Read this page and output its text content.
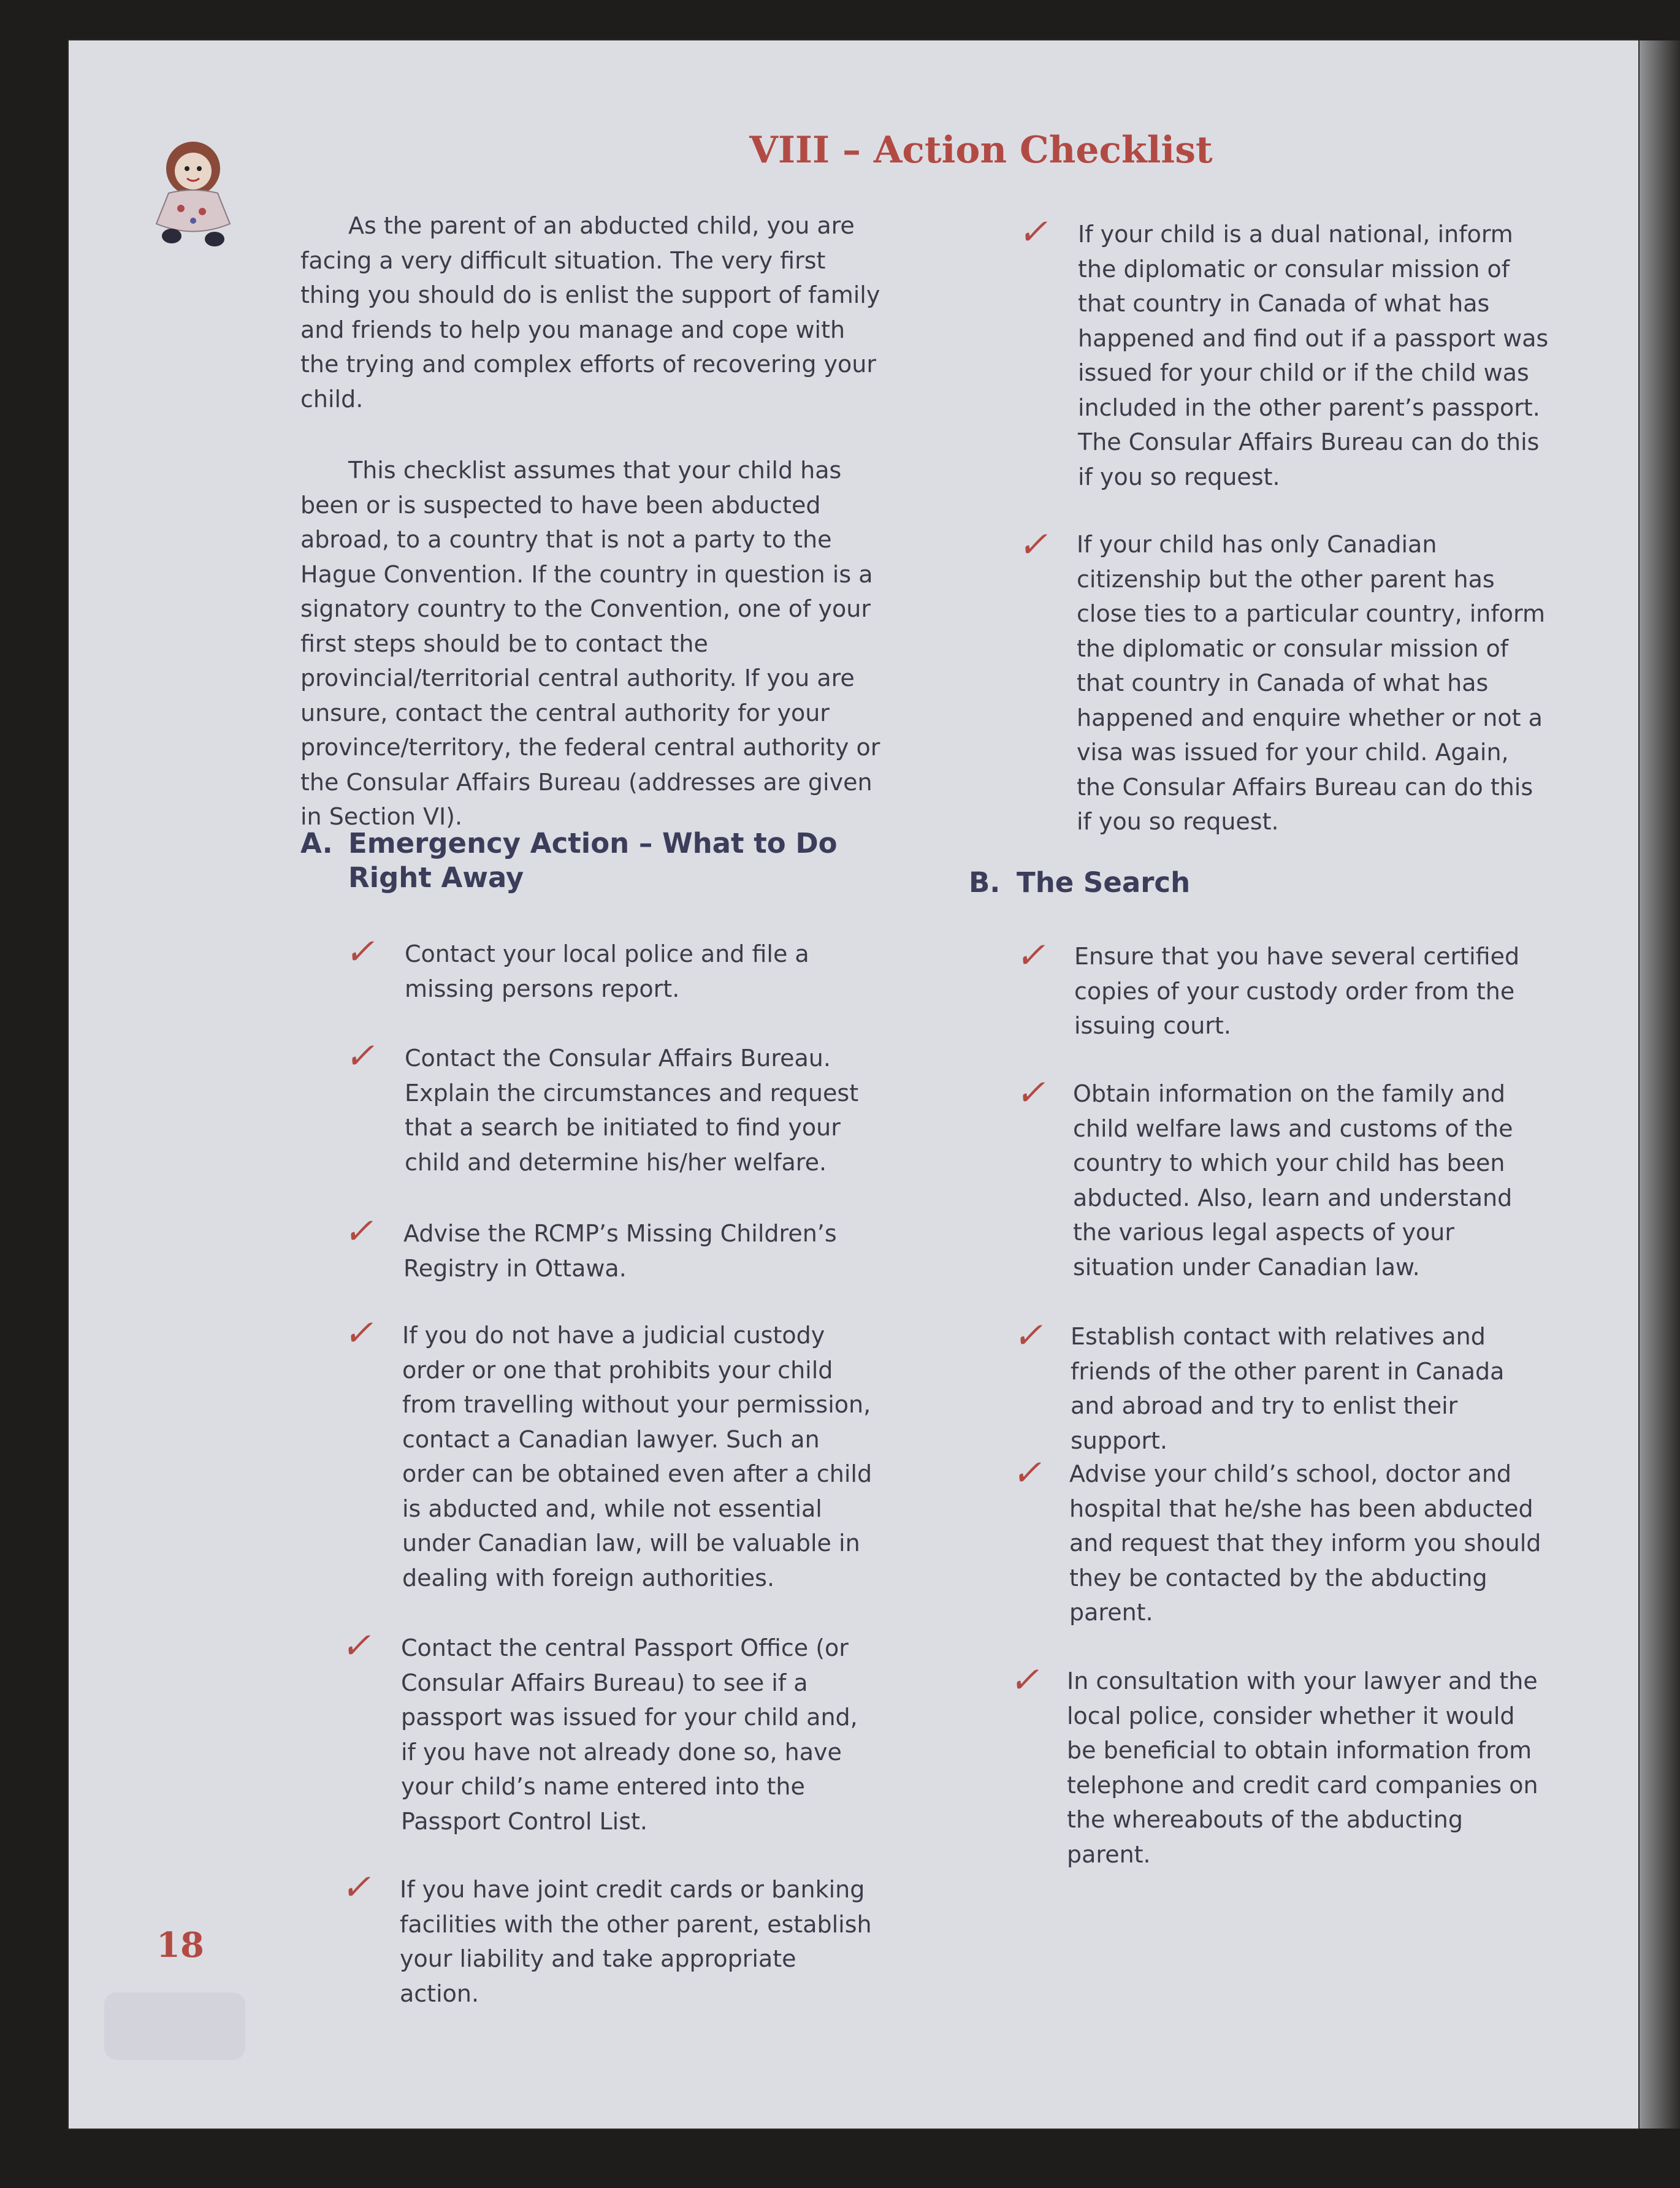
VIII – Action Checklist

As the parent of an abducted child, you are facing a very difficult situation. The very first thing you should do is enlist the support of family and friends to help you manage and cope with the trying and complex efforts of recovering your child.

This checklist assumes that your child has been or is suspected to have been abducted abroad, to a country that is not a party to the Hague Convention. If the country in question is a signatory country to the Convention, one of your first steps should be to contact the provincial/territorial central authority. If you are unsure, contact the central authority for your province/territory, the federal central authority or the Consular Affairs Bureau (addresses are given in Section VI).

A. Emergency Action – What to Do
Right Away
✓ Contact your local police and file a missing persons report.
✓ Contact the Consular Affairs Bureau. Explain the circumstances and request that a search be initiated to find your child and determine his/her welfare.
✓ Advise the RCMP’s Missing Children’s Registry in Ottawa.
✓ If you do not have a judicial custody order or one that prohibits your child from travelling without your permission, contact a Canadian lawyer. Such an order can be obtained even after a child is abducted and, while not essential under Canadian law, will be valuable in dealing with foreign authorities.
✓ Contact the central Passport Office (or Consular Affairs Bureau) to see if a passport was issued for your child and, if you have not already done so, have your child’s name entered into the Passport Control List.
✓ If you have joint credit cards or banking facilities with the other parent, establish your liability and take appropriate action.
✓ If your child is a dual national, inform the diplomatic or consular mission of that country in Canada of what has happened and find out if a passport was issued for your child or if the child was included in the other parent’s passport. The Consular Affairs Bureau can do this if you so request.
✓ If your child has only Canadian citizenship but the other parent has close ties to a particular country, inform the diplomatic or consular mission of that country in Canada of what has happened and enquire whether or not a visa was issued for your child. Again, the Consular Affairs Bureau can do this if you so request.
B. The Search
✓ Ensure that you have several certified copies of your custody order from the issuing court.
✓ Obtain information on the family and child welfare laws and customs of the country to which your child has been abducted. Also, learn and understand the various legal aspects of your situation under Canadian law.
✓ Establish contact with relatives and friends of the other parent in Canada and abroad and try to enlist their support.
✓ Advise your child’s school, doctor and hospital that he/she has been abducted and request that they inform you should they be contacted by the abducting parent.
✓ In consultation with your lawyer and the local police, consider whether it would be beneficial to obtain information from telephone and credit card companies on the whereabouts of the abducting parent.
18
